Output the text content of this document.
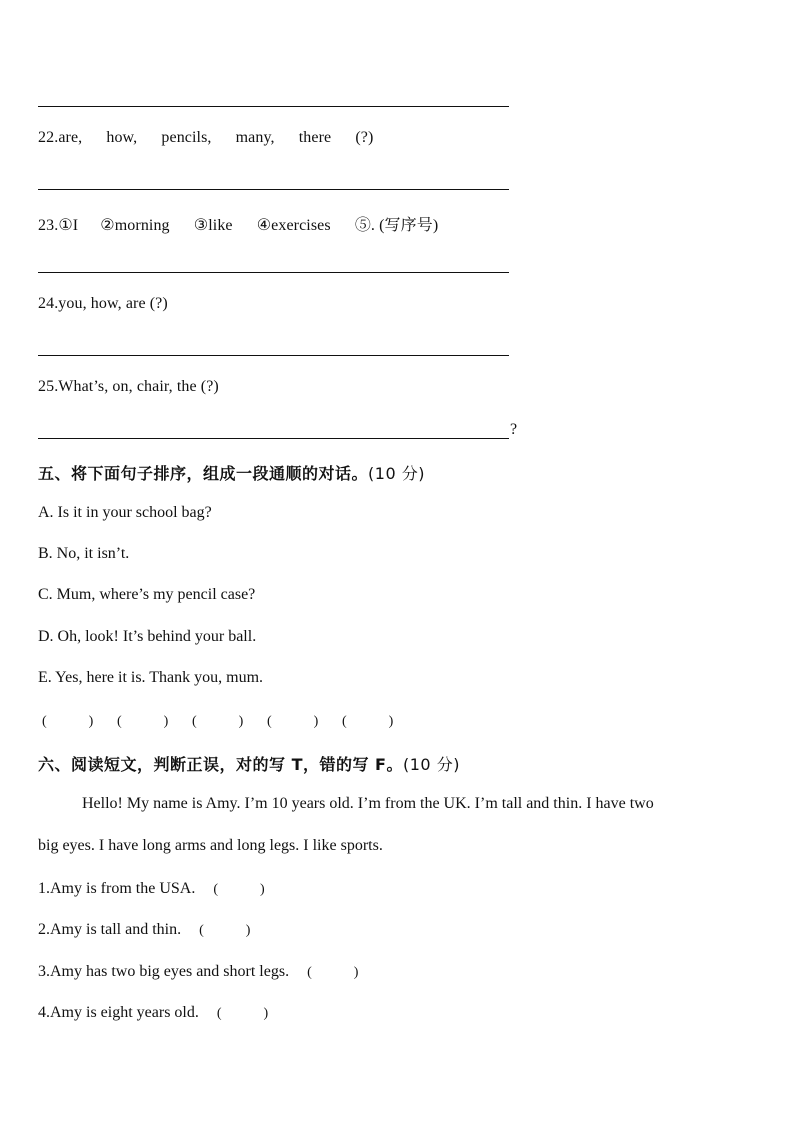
22.are, how, pencils, many, there (?)
23.①I ②morning ③like ④exercises ⑤. (写序号)
24.you, how, are (?)
25.What’s, on, chair, the (?)
?
五、将下面句子排序，组成一段通顺的对话。(10 分)
A. Is it in your school bag?
B. No, it isn’t.
C. Mum, where’s my pencil case?
D. Oh, look! It’s behind your ball.
E. Yes, here it is. Thank you, mum.
(　　　) (　　　) (　　　) (　　　) (　　　)
六、阅读短文，判断正误，对的写 T，错的写 F。(10 分)
Hello! My name is Amy. I’m 10 years old. I’m from the UK. I’m tall and thin. I have two
big eyes. I have long arms and long legs. I like sports.
1.Amy is from the USA. (　　　)
2.Amy is tall and thin. (　　　)
3.Amy has two big eyes and short legs. (　　　)
4.Amy is eight years old. (　　　)
